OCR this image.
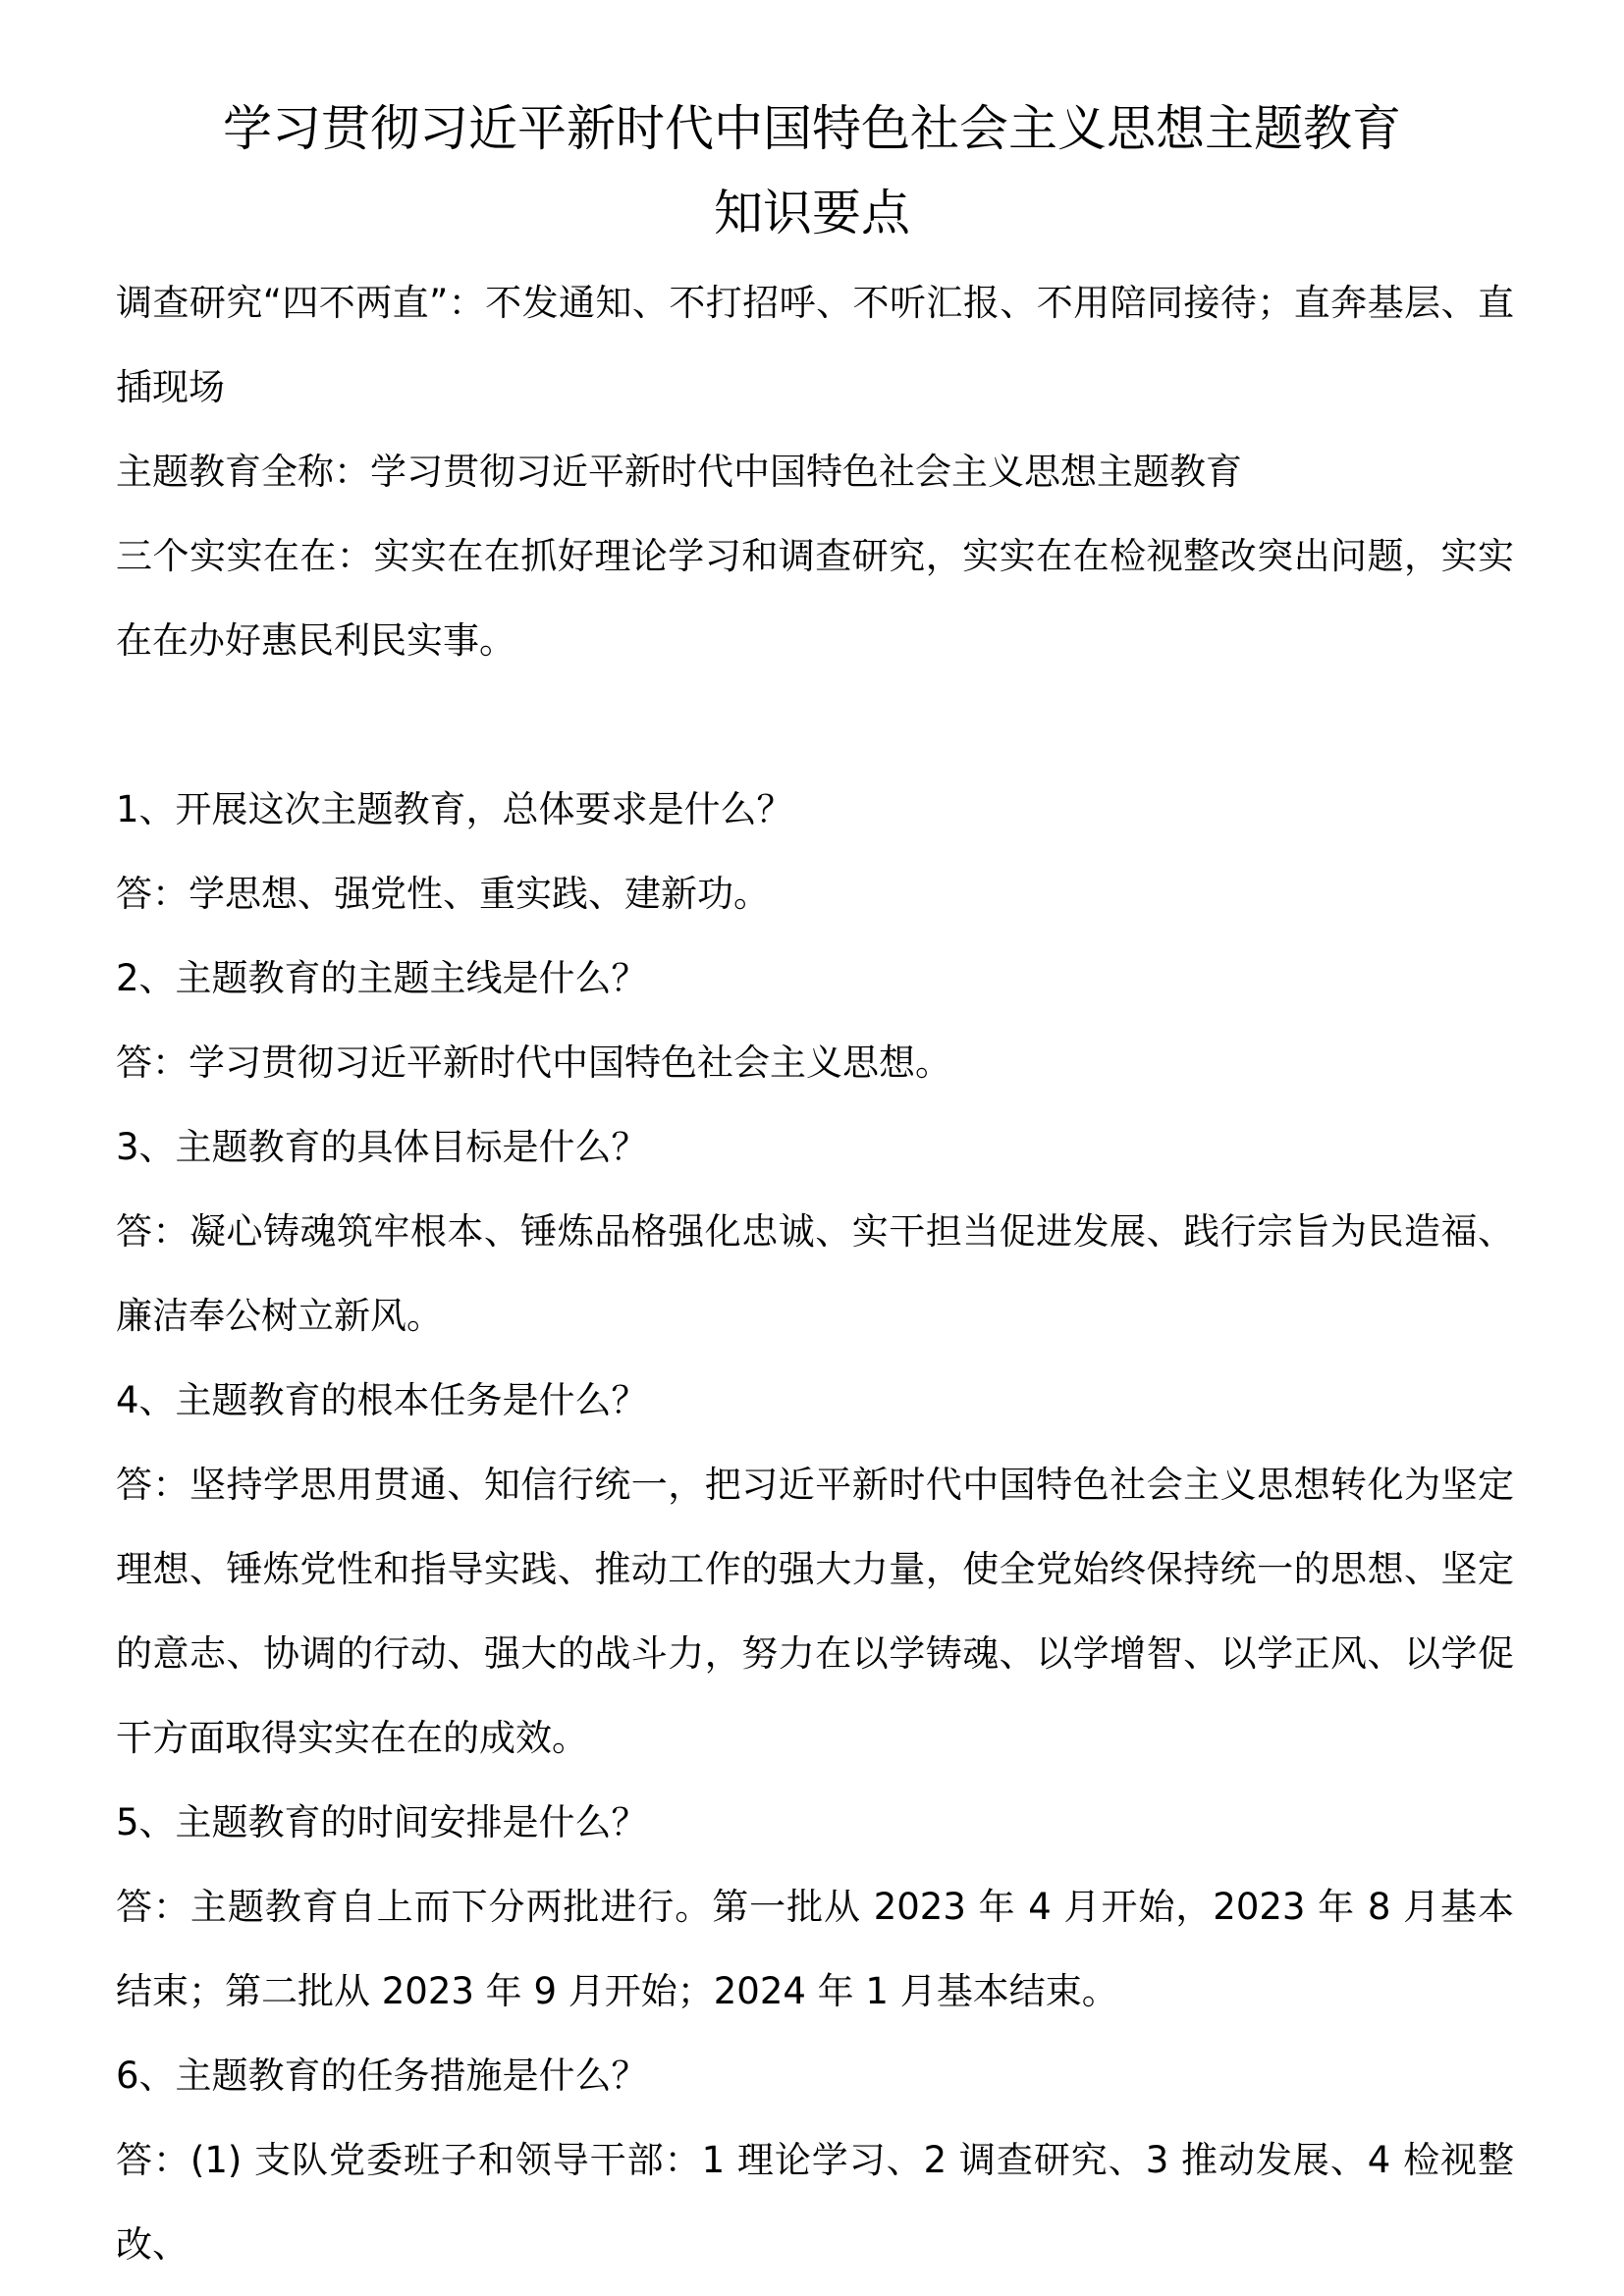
学习贯彻习近平新时代中国特色社会主义思想主题教育
知识要点

调查研究“四不两直”：不发通知、不打招呼、不听汇报、不用陪同接待；直奔基层、直插现场

主题教育全称：学习贯彻习近平新时代中国特色社会主义思想主题教育

三个实实在在：实实在在抓好理论学习和调查研究，实实在在检视整改突出问题，实实在在办好惠民利民实事。

1、开展这次主题教育，总体要求是什么？

答：学思想、强党性、重实践、建新功。

2、主题教育的主题主线是什么？

答：学习贯彻习近平新时代中国特色社会主义思想。

3、主题教育的具体目标是什么？

答：凝心铸魂筑牢根本、锤炼品格强化忠诚、实干担当促进发展、践行宗旨为民造福、廉洁奉公树立新风。

4、主题教育的根本任务是什么？

答：坚持学思用贯通、知信行统一，把习近平新时代中国特色社会主义思想转化为坚定理想、锤炼党性和指导实践、推动工作的强大力量，使全党始终保持统一的思想、坚定的意志、协调的行动、强大的战斗力，努力在以学铸魂、以学增智、以学正风、以学促干方面取得实实在在的成效。

5、主题教育的时间安排是什么？

答：主题教育自上而下分两批进行。第一批从 2023 年 4 月开始，2023 年 8 月基本结束；第二批从 2023 年 9 月开始；2024 年 1 月基本结束。

6、主题教育的任务措施是什么？

答：(1) 支队党委班子和领导干部：1 理论学习、2 调查研究、3 推动发展、4 检视整改、
